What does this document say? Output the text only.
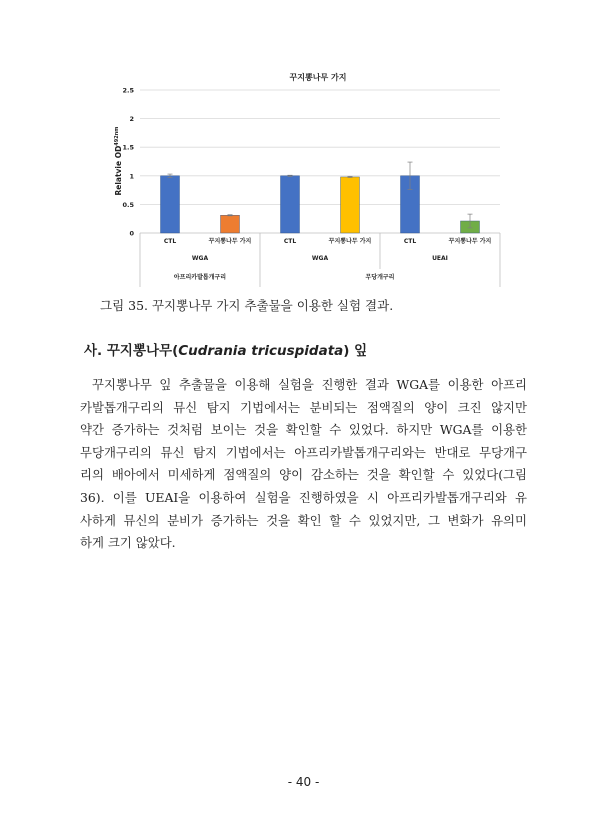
꾸지뽕나무 가지
0
0.5
1
1.5
2
2.5
Relatvie $OD^{492nm}$
CTL	꾸지뽕나무 가지	CTL	꾸지뽕나무 가지	CTL	꾸지뽕나무 가지
WGA	WGA	UEAI
아프리카발톱개구리	무당개구리
그림 35. 꾸지뽕나무 가지 추출물을 이용한 실험 결과.
사. 꾸지뽕나무(Cudrania tricuspidata) 잎
꾸지뽕나무 잎 추출물을 이용해 실험을 진행한 결과 WGA를 이용한 아프리
카발톱개구리의 뮤신 탐지 기법에서는 분비되는 점액질의 양이 크진 않지만
약간 증가하는 것처럼 보이는 것을 확인할 수 있었다. 하지만 WGA를 이용한
무당개구리의 뮤신 탐지 기법에서는 아프리카발톱개구리와는 반대로 무당개구
리의 배아에서 미세하게 점액질의 양이 감소하는 것을 확인할 수 있었다(그림
36). 이를 UEAI을 이용하여 실험을 진행하였을 시 아프리카발톱개구리와 유
사하게 뮤신의 분비가 증가하는 것을 확인 할 수 있었지만, 그 변화가 유의미
하게 크기 않았다.
- 40 -
